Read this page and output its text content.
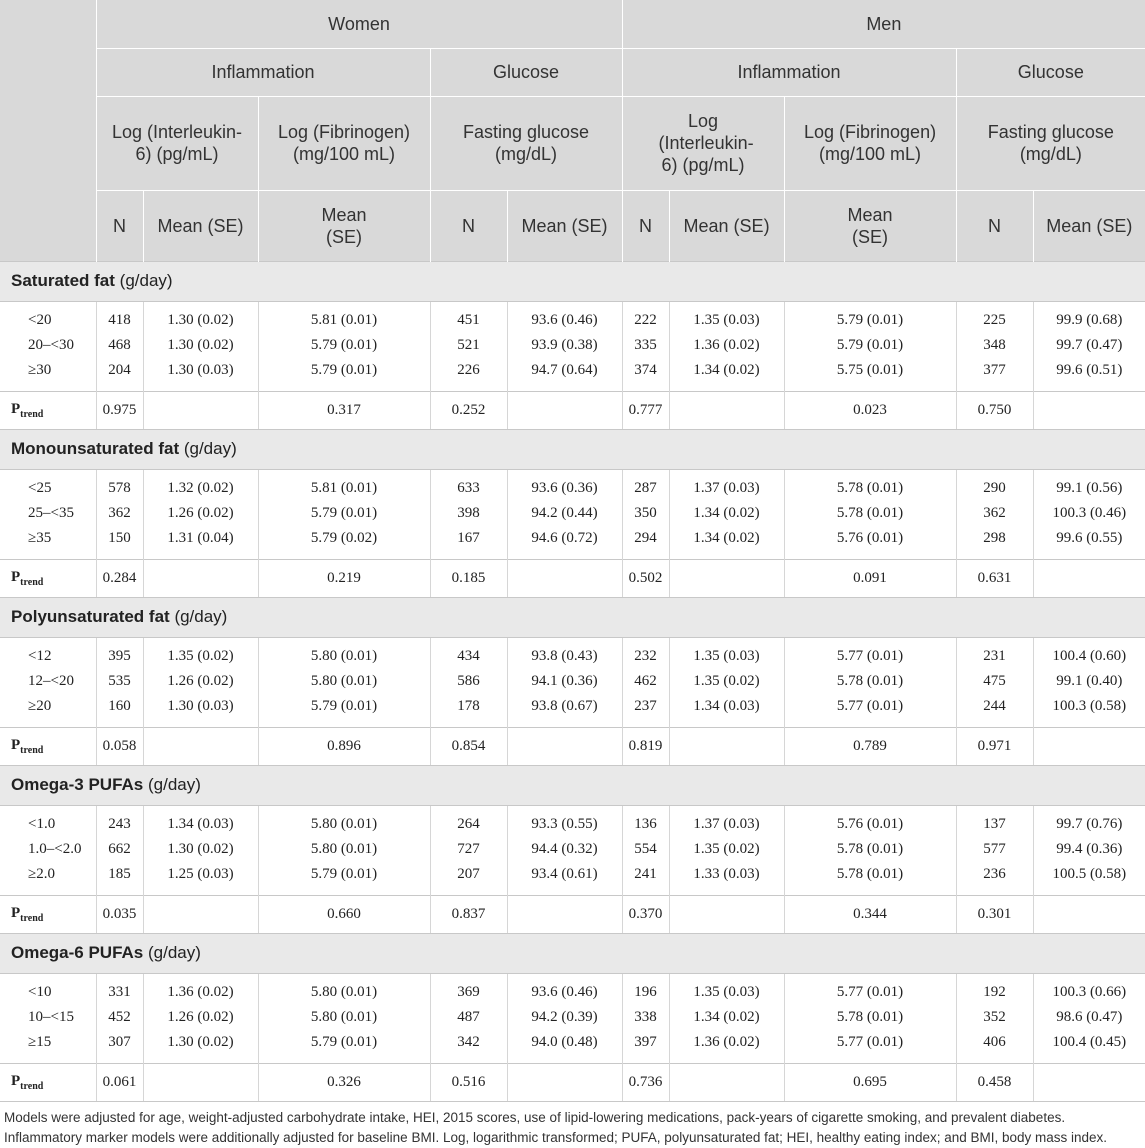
	Women					Men				
	Inflammation			Glucose		Inflammation			Glucose	
	Log (Interleukin-6) (pg/mL)		Log (Fibrinogen) (mg/100 mL)	Fasting glucose (mg/dL)		Log (Interleukin-6) (pg/mL)		Log (Fibrinogen) (mg/100 mL)	Fasting glucose (mg/dL)	
	N	Mean (SE)	Mean (SE)	N	Mean (SE)	N	Mean (SE)	Mean (SE)	N	Mean (SE)
Saturated fat (g/day)										
<20	418	1.30 (0.02)	5.81 (0.01)	451	93.6 (0.46)	222	1.35 (0.03)	5.79 (0.01)	225	99.9 (0.68)
20–<30	468	1.30 (0.02)	5.79 (0.01)	521	93.9 (0.38)	335	1.36 (0.02)	5.79 (0.01)	348	99.7 (0.47)
≥30	204	1.30 (0.03)	5.79 (0.01)	226	94.7 (0.64)	374	1.34 (0.02)	5.75 (0.01)	377	99.6 (0.51)
$P_{trend}$	0.975		0.317	0.252		0.777		0.023	0.750	
Monounsaturated fat (g/day)										
<25	578	1.32 (0.02)	5.81 (0.01)	633	93.6 (0.36)	287	1.37 (0.03)	5.78 (0.01)	290	99.1 (0.56)
25–<35	362	1.26 (0.02)	5.79 (0.01)	398	94.2 (0.44)	350	1.34 (0.02)	5.78 (0.01)	362	100.3 (0.46)
≥35	150	1.31 (0.04)	5.79 (0.02)	167	94.6 (0.72)	294	1.34 (0.02)	5.76 (0.01)	298	99.6 (0.55)
$P_{trend}$	0.284		0.219	0.185		0.502		0.091	0.631	
Polyunsaturated fat (g/day)										
<12	395	1.35 (0.02)	5.80 (0.01)	434	93.8 (0.43)	232	1.35 (0.03)	5.77 (0.01)	231	100.4 (0.60)
12–<20	535	1.26 (0.02)	5.80 (0.01)	586	94.1 (0.36)	462	1.35 (0.02)	5.78 (0.01)	475	99.1 (0.40)
≥20	160	1.30 (0.03)	5.79 (0.01)	178	93.8 (0.67)	237	1.34 (0.03)	5.77 (0.01)	244	100.3 (0.58)
$P_{trend}$	0.058		0.896	0.854		0.819		0.789	0.971	
Omega-3 PUFAs (g/day)										
<1.0	243	1.34 (0.03)	5.80 (0.01)	264	93.3 (0.55)	136	1.37 (0.03)	5.76 (0.01)	137	99.7 (0.76)
1.0–<2.0	662	1.30 (0.02)	5.80 (0.01)	727	94.4 (0.32)	554	1.35 (0.02)	5.78 (0.01)	577	99.4 (0.36)
≥2.0	185	1.25 (0.03)	5.79 (0.01)	207	93.4 (0.61)	241	1.33 (0.03)	5.78 (0.01)	236	100.5 (0.58)
$P_{trend}$	0.035		0.660	0.837		0.370		0.344	0.301	
Omega-6 PUFAs (g/day)										
<10	331	1.36 (0.02)	5.80 (0.01)	369	93.6 (0.46)	196	1.35 (0.03)	5.77 (0.01)	192	100.3 (0.66)
10–<15	452	1.26 (0.02)	5.80 (0.01)	487	94.2 (0.39)	338	1.34 (0.02)	5.78 (0.01)	352	98.6 (0.47)
≥15	307	1.30 (0.02)	5.79 (0.01)	342	94.0 (0.48)	397	1.36 (0.02)	5.77 (0.01)	406	100.4 (0.45)
$P_{trend}$	0.061		0.326	0.516		0.736		0.695	0.458	

Models were adjusted for age, weight-adjusted carbohydrate intake, HEI, 2015 scores, use of lipid-lowering medications, pack-years of cigarette smoking, and prevalent diabetes. Inflammatory marker models were additionally adjusted for baseline BMI. Log, logarithmic transformed; PUFA, polyunsaturated fat; HEI, healthy eating index; and BMI, body mass index.
